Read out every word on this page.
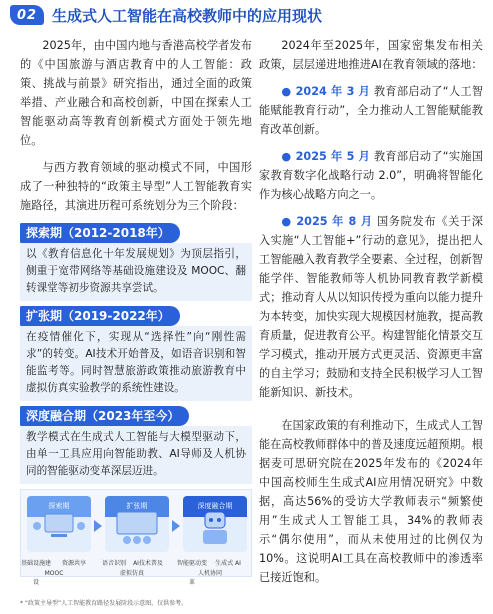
02 生成式人工智能在高校教师中的应用现状

2025年，由中国内地与香港高校学者发布的《中国旅游与酒店教育中的人工智能：政策、挑战与前景》研究指出，通过全面的政策举措、产业融合和高校创新，中国在探索人工智能驱动高等教育创新模式方面处于领先地位。

与西方教育领域的驱动模式不同，中国形成了一种独特的“政策主导型”人工智能教育实施路径，其演进历程可系统划分为三个阶段：

探索期（2012-2018年）
以《教育信息化十年发展规划》为顶层指引，侧重于宽带网络等基础设施建设及 MOOC、翻转课堂等初步资源共享尝试。
扩张期（2019-2022年）
在疫情催化下，实现从“选择性”向“刚性需求”的转变。AI技术开始普及，如语音识别和智能监考等。同时智慧旅游政策推动旅游教育中虚拟仿真实验教学的系统性建设。
深度融合期（2023年至今）
教学模式在生成式人工智能与大模型驱动下，由单一工具应用向智能助教、AI导师及人机协同的智能驱动变革深层迈进。
探索期	扩张期	深度融合期
基础设施建设
资源共享
MOOC
语音识别	AI技术普及
虚拟仿真
智能驱动变革
生成式 AI
人机协同
* “政策主导型”人工智能教育路径发展阶段示意图，仅供参考。

2024年至2025年，国家密集发布相关政策，层层递进地推进AI在教育领域的落地：

● 2024 年 3 月 教育部启动了“人工智能赋能教育行动”，全力推动人工智能赋能教育改革创新。

● 2025 年 5 月 教育部启动了“实施国家教育数字化战略行动 2.0”，明确将智能化作为核心战略方向之一。

● 2025 年 8 月 国务院发布《关于深入实施“人工智能+”行动的意见》，提出把人工智能融入教育教学全要素、全过程，创新智能学伴、智能教师等人机协同教育教学新模式；推动育人从以知识传授为重向以能力提升为本转变，加快实现大规模因材施教，提高教育质量，促进教育公平。构建智能化情景交互学习模式，推动开展方式更灵活、资源更丰富的自主学习；鼓励和支持全民积极学习人工智能新知识、新技术。

在国家政策的有利推动下，生成式人工智能在高校教师群体中的普及速度远超预期。根据麦可思研究院在2025年发布的《2024年中国高校师生生成式AI应用情况研究》中数据，高达56%的受访大学教师表示“频繁使用”生成式人工智能工具，34%的教师表示“偶尔使用”，而从未使用过的比例仅为10%。这说明AI工具在高校教师中的渗透率已接近饱和。
